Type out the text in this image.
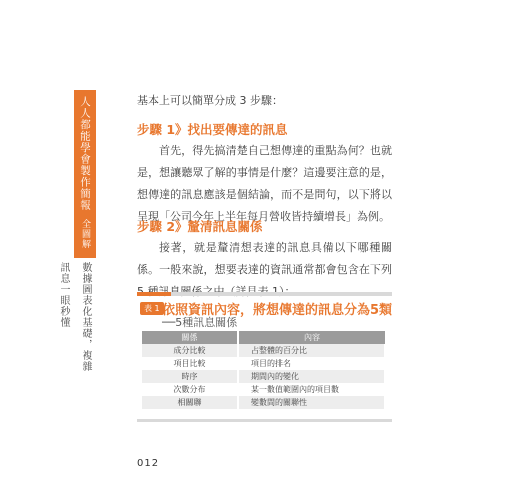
人人都能學會製作簡報全圖解
數據圖表化基礎，複雜訊息一眼秒懂
基本上可以簡單分成 3 步驟：
步驟 1》找出要傳達的訊息
首先，得先搞清楚自己想傳達的重點為何？也就是，想讓聽眾了解的事情是什麼？這邊要注意的是，想傳達的訊息應該是個結論，而不是問句，以下將以呈現「公司今年上半年每月營收皆持續增長」為例。
步驟 2》釐清訊息關係
接著，就是釐清想表達的訊息具備以下哪種關係。一般來說，想要表達的資訊通常都會包含在下列
表 1 依照資訊內容，將想傳達的訊息分為5類
──5種訊息關係
關係	內容
成分比較	占整體的百分比
項目比較	項目的排名
時序	期間內的變化
次數分布	某一數值範圍內的項目數
相關聯	變數間的關聯性
012
